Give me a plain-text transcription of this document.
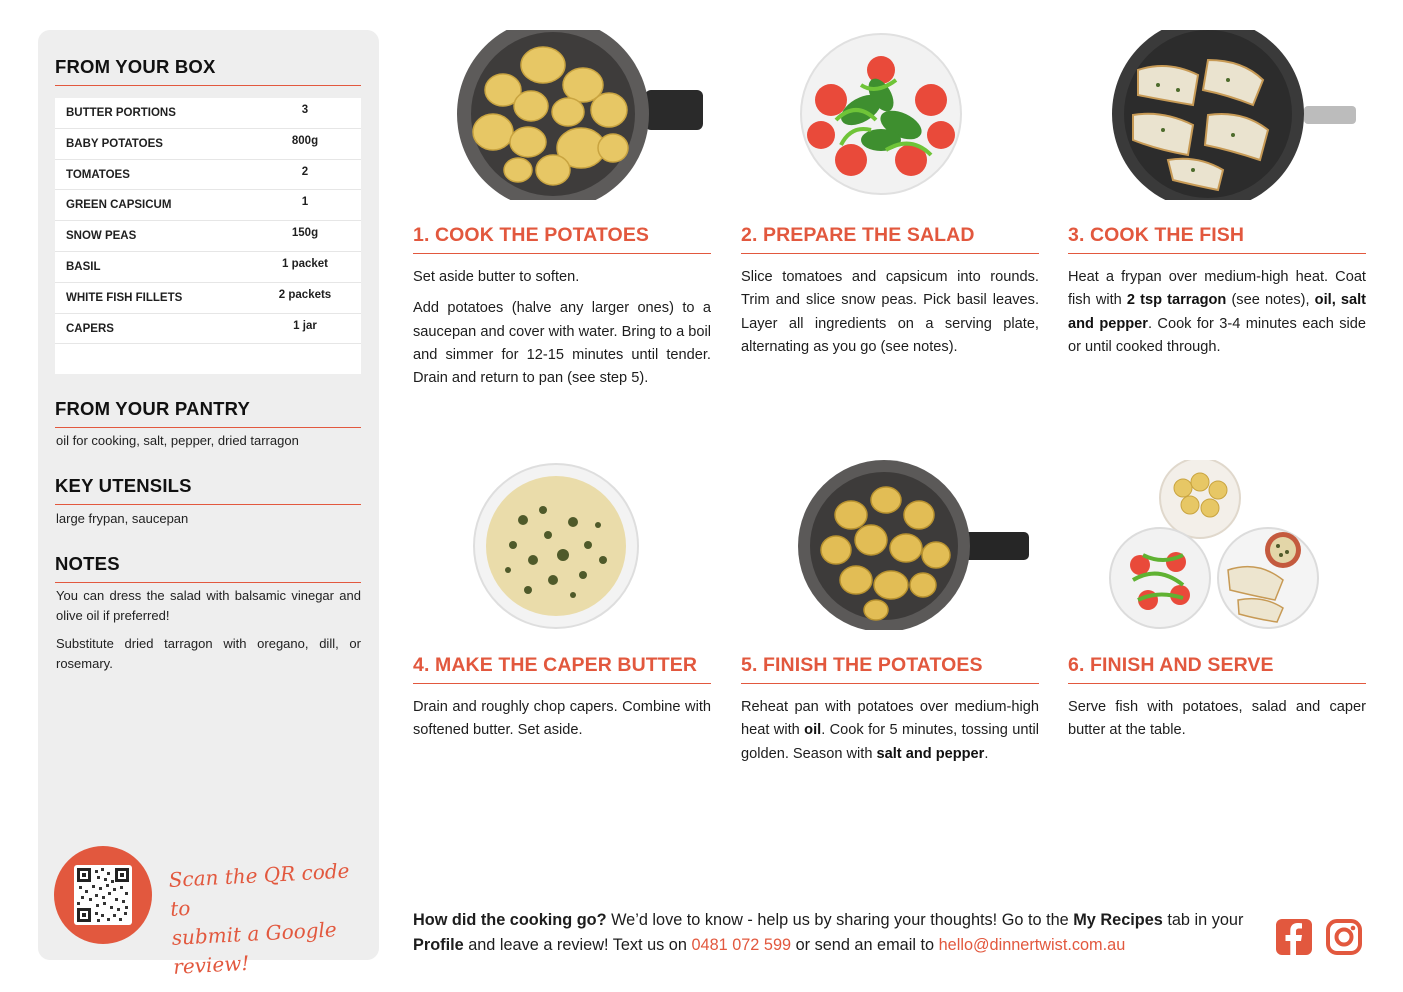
FROM YOUR BOX
BUTTER PORTIONS	3
BABY POTATOES	800g
TOMATOES	2
GREEN CAPSICUM	1
SNOW PEAS	150g
BASIL	1 packet
WHITE FISH FILLETS	2 packets
CAPERS	1 jar
FROM YOUR PANTRY
oil for cooking, salt, pepper, dried tarragon
KEY UTENSILS
large frypan, saucepan
NOTES

You can dress the salad with balsamic vinegar and olive oil if preferred!

Substitute dried tarragon with oregano, dill, or rosemary.

Scan the QR code to
submit a Google review!
1. COOK THE POTATOES

Set aside butter to soften.

Add potatoes (halve any larger ones) to a saucepan and cover with water. Bring to a boil and simmer for 12-15 minutes until tender. Drain and return to pan (see step 5).

2. PREPARE THE SALAD

Slice tomatoes and capsicum into rounds. Trim and slice snow peas. Pick basil leaves. Layer all ingredients on a serving plate, alternating as you go (see notes).

3. COOK THE FISH

Heat a frypan over medium-high heat. Coat fish with 2 tsp tarragon (see notes), oil, salt and pepper. Cook for 3-4 minutes each side or until cooked through.

4. MAKE THE CAPER BUTTER

Drain and roughly chop capers. Combine with softened butter. Set aside.

5. FINISH THE POTATOES

Reheat pan with potatoes over medium-high heat with oil. Cook for 5 minutes, tossing until golden. Season with salt and pepper.

6. FINISH AND SERVE

Serve fish with potatoes, salad and caper butter at the table.

How did the cooking go? We’d love to know - help us by sharing your thoughts! Go to the My Recipes tab in your Profile and leave a review! Text us on 0481 072 599 or send an email to hello@dinnertwist.com.au
